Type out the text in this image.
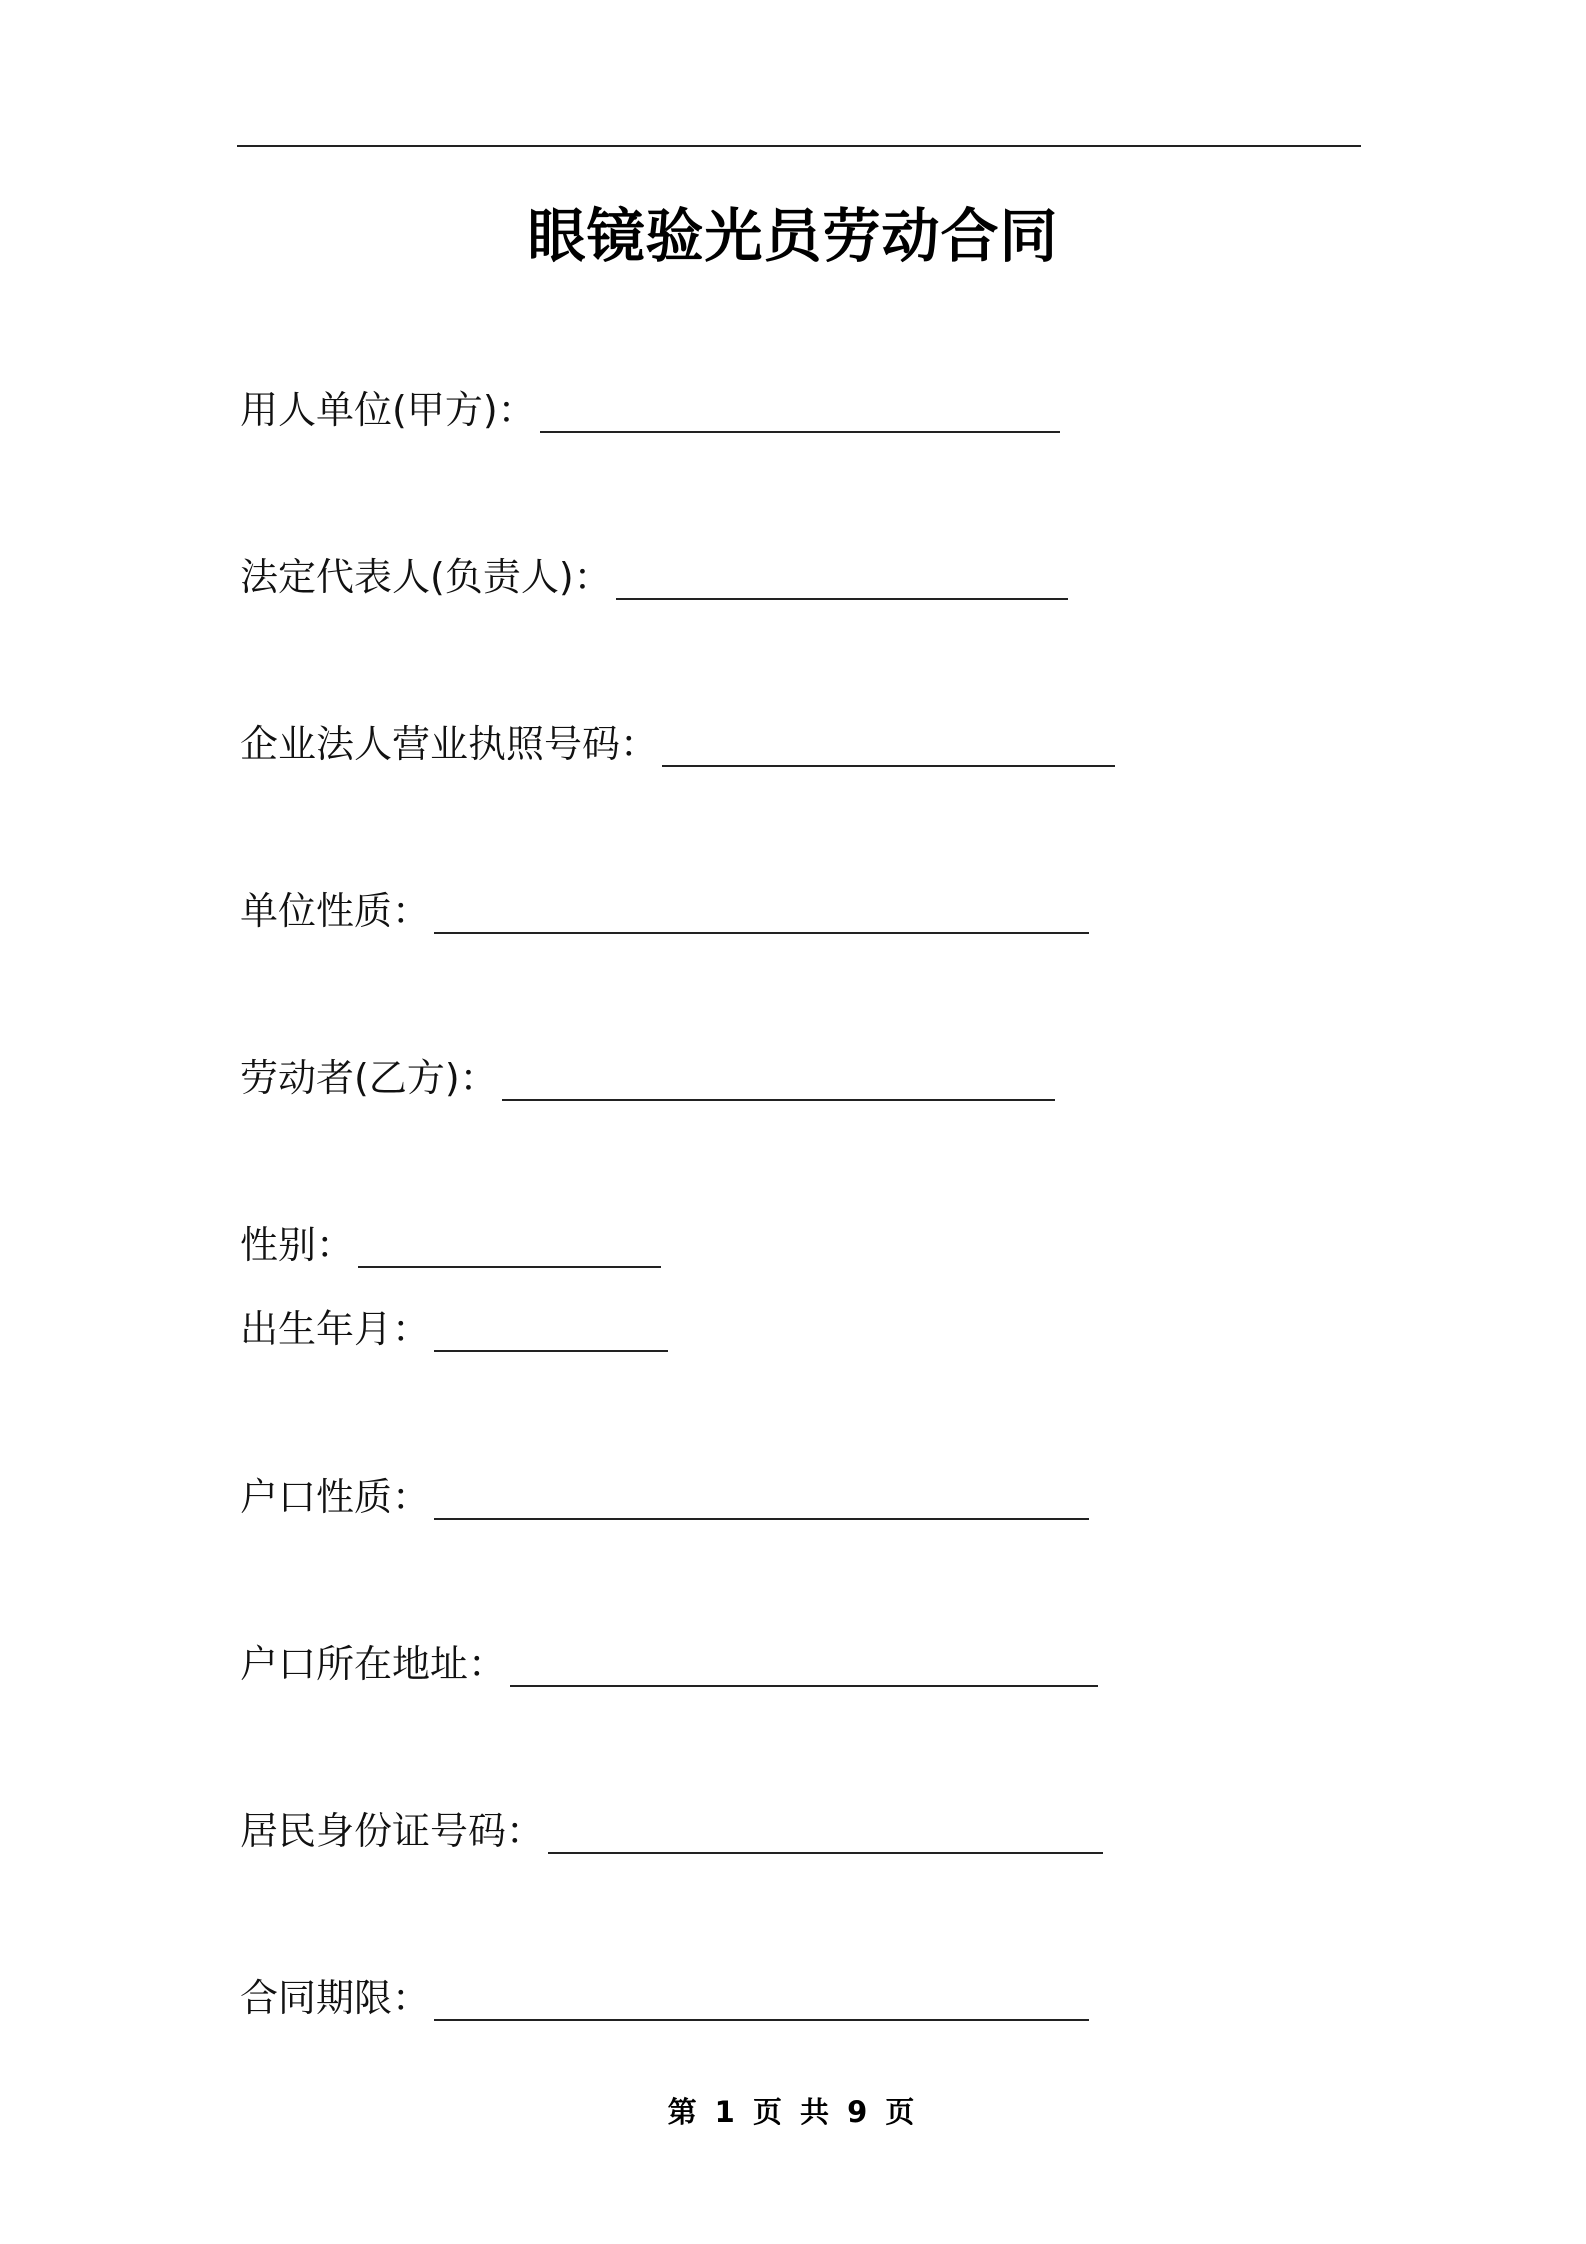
眼镜验光员劳动合同
用人单位(甲方)：
法定代表人(负责人)：
企业法人营业执照号码：
单位性质：
劳动者(乙方)：
性别：
出生年月：
户口性质：
户口所在地址：
居民身份证号码：
合同期限：
第 1 页 共 9 页
